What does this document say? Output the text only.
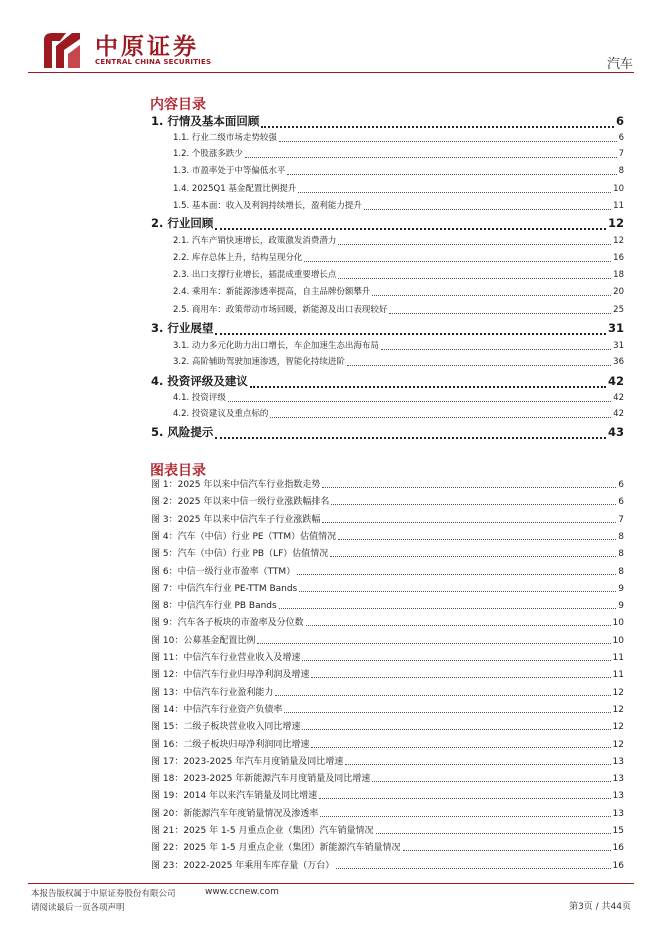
中原证券
CENTRAL CHINA SECURITIES	汽车
内容目录
1. 行情及基本面回顾	6
1.1. 行业二级市场走势较强	6
1.2. 个股涨多跌少	7
1.3. 市盈率处于中等偏低水平	8
1.4. 2025Q1 基金配置比例提升	10
1.5. 基本面：收入及利润持续增长，盈利能力提升	11
2. 行业回顾	12
2.1. 汽车产销快速增长，政策激发消费潜力	12
2.2. 库存总体上升，结构呈现分化	16
2.3. 出口支撑行业增长，插混成重要增长点	18
2.4. 乘用车：新能源渗透率提高，自主品牌份额攀升	20
2.5. 商用车：政策带动市场回暖，新能源及出口表现较好	25
3. 行业展望	31
3.1. 动力多元化助力出口增长，车企加速生态出海布局	31
3.2. 高阶辅助驾驶加速渗透，智能化持续进阶	36
4. 投资评级及建议	42
4.1. 投资评级	42
4.2. 投资建议及重点标的	42
5. 风险提示	43
图表目录
图 1：2025 年以来中信汽车行业指数走势	6
图 2：2025 年以来中信一级行业涨跌幅排名	6
图 3：2025 年以来中信汽车子行业涨跌幅	7
图 4：汽车（中信）行业 PE（TTM）估值情况	8
图 5：汽车（中信）行业 PB（LF）估值情况	8
图 6：中信一级行业市盈率（TTM）	8
图 7：中信汽车行业 PE-TTM Bands	9
图 8：中信汽车行业 PB Bands	9
图 9：汽车各子板块的市盈率及分位数	10
图 10：公募基金配置比例	10
图 11：中信汽车行业营业收入及增速	11
图 12：中信汽车行业归母净利润及增速	11
图 13：中信汽车行业盈利能力	12
图 14：中信汽车行业资产负债率	12
图 15：二级子板块营业收入同比增速	12
图 16：二级子板块归母净利润同比增速	12
图 17：2023-2025 年汽车月度销量及同比增速	13
图 18：2023-2025 年新能源汽车月度销量及同比增速	13
图 19：2014 年以来汽车销量及同比增速	13
图 20：新能源汽车年度销量情况及渗透率	13
图 21：2025 年 1-5 月重点企业（集团）汽车销量情况	15
图 22：2025 年 1-5 月重点企业（集团）新能源汽车销量情况	16
图 23：2022-2025 年乘用车库存量（万台）	16
本报告版权属于中原证券股份有限公司	www.ccnew.com
请阅读最后一页各项声明	第3页 / 共44页
